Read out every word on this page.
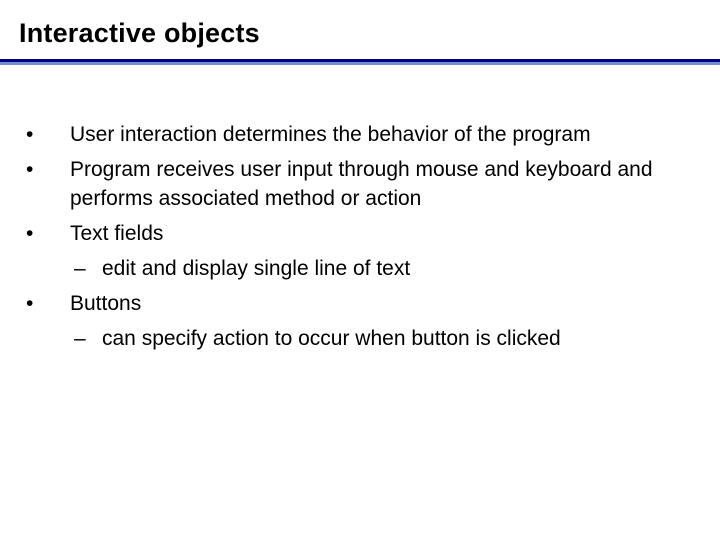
Interactive objects
•	User interaction determines the behavior of the program
•	Program receives user input through mouse and keyboard and performs associated method or action
•	Text fields
– edit and display single line of text
•	Buttons
– can specify action to occur when button is clicked
